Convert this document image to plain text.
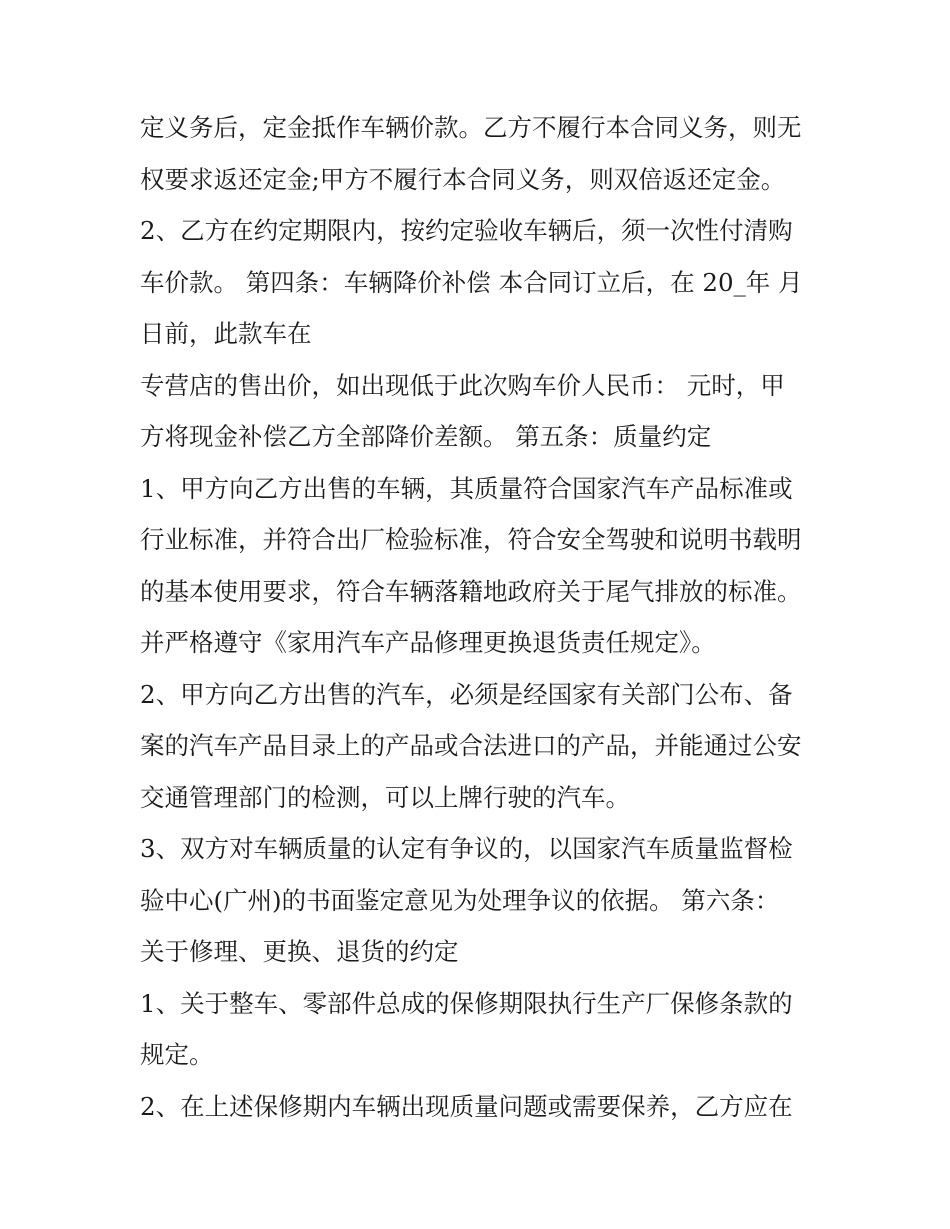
定义务后，定金抵作车辆价款。乙方不履行本合同义务，则无
权要求返还定金;甲方不履行本合同义务，则双倍返还定金。
2、乙方在约定期限内，按约定验收车辆后，须一次性付清购
车价款。 第四条：车辆降价补偿 本合同订立后，在 20_年 月
日前，此款车在
专营店的售出价，如出现低于此次购车价人民币： 元时，甲
方将现金补偿乙方全部降价差额。 第五条：质量约定
1、甲方向乙方出售的车辆，其质量符合国家汽车产品标准或
行业标准，并符合出厂检验标准，符合安全驾驶和说明书载明
的基本使用要求，符合车辆落籍地政府关于尾气排放的标准。
并严格遵守《家用汽车产品修理更换退货责任规定》。
2、甲方向乙方出售的汽车，必须是经国家有关部门公布、备
案的汽车产品目录上的产品或合法进口的产品，并能通过公安
交通管理部门的检测，可以上牌行驶的汽车。
3、双方对车辆质量的认定有争议的，以国家汽车质量监督检
验中心(广州)的书面鉴定意见为处理争议的依据。 第六条：
关于修理、更换、退货的约定
1、关于整车、零部件总成的保修期限执行生产厂保修条款的
规定。
2、在上述保修期内车辆出现质量问题或需要保养，乙方应在
